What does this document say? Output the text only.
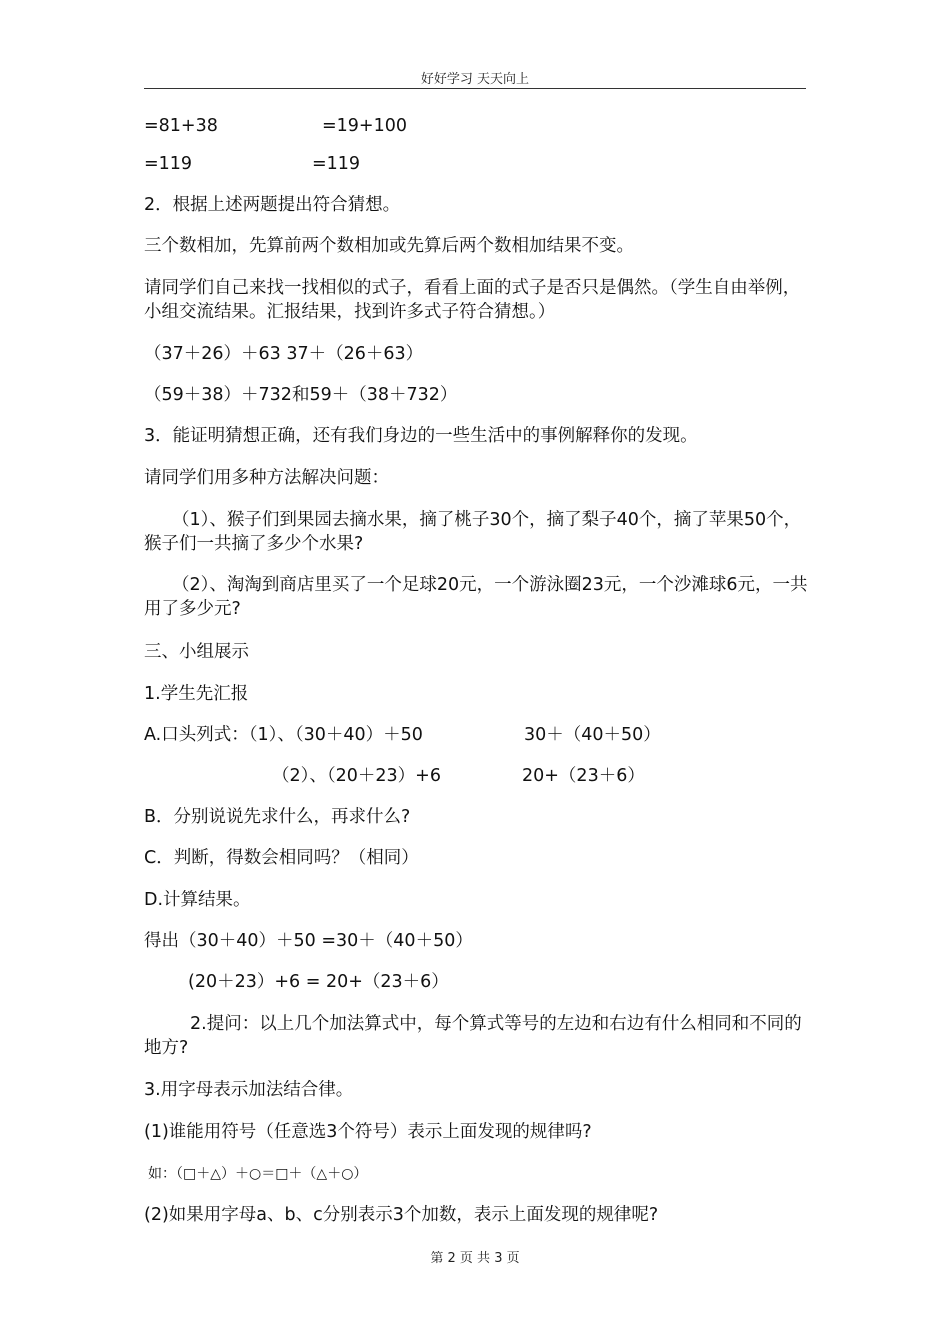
好好学习 天天向上
=81+38	=19+100
=119	=119
2．根据上述两题提出符合猜想。
三个数相加，先算前两个数相加或先算后两个数相加结果不变。
请同学们自己来找一找相似的式子，看看上面的式子是否只是偶然。（学生自由举例，小组交流结果。汇报结果，找到许多式子符合猜想。）
（37＋26）＋63 37＋（26＋63）
（59＋38）＋732和59＋（38＋732）
3．能证明猜想正确，还有我们身边的一些生活中的事例解释你的发现。
请同学们用多种方法解决问题：
（1）、猴子们到果园去摘水果，摘了桃子30个，摘了梨子40个，摘了苹果50个，猴子们一共摘了多少个水果?
（2）、淘淘到商店里买了一个足球20元，一个游泳圈23元，一个沙滩球6元，一共用了多少元?
三、小组展示
1.学生先汇报
A.口头列式：（1）、（30＋40）＋50	30＋（40＋50）
（2）、（20＋23）+6	20+（23＋6）
B．分别说说先求什么，再求什么?
C．判断，得数会相同吗？（相同）
D.计算结果。
得出（30＋40）＋50 =30＋（40＋50）
(20＋23）+6 = 20+（23＋6）
2.提问：以上几个加法算式中，每个算式等号的左边和右边有什么相同和不同的地方?
3.用字母表示加法结合律。
(1)谁能用符号（任意选3个符号）表示上面发现的规律吗?
如：（□＋△）＋○＝□＋（△＋○）
(2)如果用字母a、b、c分别表示3个加数，表示上面发现的规律呢?
第 2 页 共 3 页
